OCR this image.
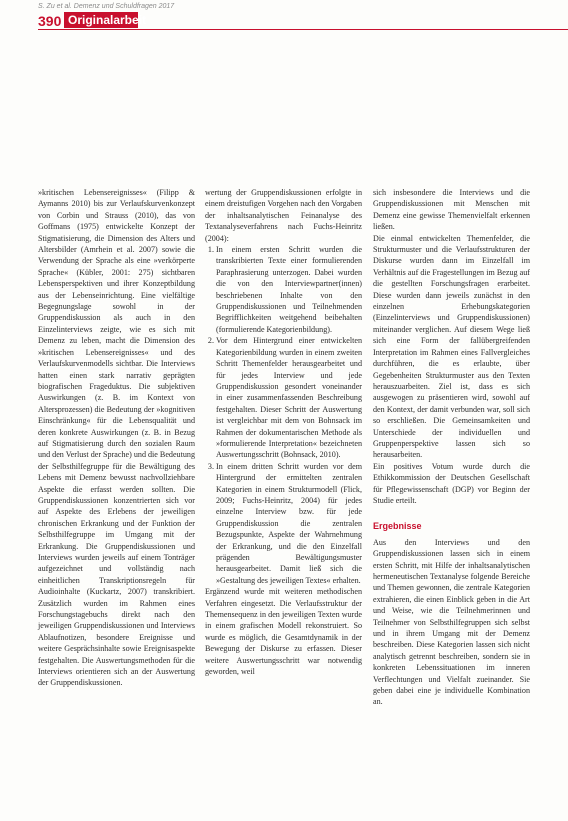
S. Zu et al. Demenz und Schuldfragen 2017
390 Originalarbeit

»kritischen Lebensereignisses« (Filipp & Aymanns 2010) bis zur Verlaufskurvenkonzept von Corbin und Strauss (2010), das von Goffmans (1975) entwickelte Konzept der Stigmatisierung, die Dimension des Alters und Altersbilder (Amrhein et al. 2007) sowie die Verwendung der Sprache als eine »verkörperte Sprache« (Kübler, 2001: 275) sichtbaren Lebensperspektiven und ihrer Konzeptbildung aus der Lebenseinrichtung. Eine vielfältige Begegnungslage sowohl in der Gruppendiskussion als auch in den Einzelinterviews zeigte, wie es sich mit Demenz zu leben, macht die Dimension des »kritischen Lebensereignisses« und des Verlaufskurvenmodells sichtbar. Die Interviews hatten einen stark narrativ geprägten biografischen Frageduktus. Die subjektiven Auswirkungen (z. B. im Kontext von Altersprozessen) die Bedeutung der »kognitiven Einschränkung« für die Lebensqualität und deren konkrete Auswirkungen (z. B. in Bezug auf Stigmatisierung durch den sozialen Raum und den Verlust der Sprache) und die Bedeutung der Selbsthilfegruppe für die Bewältigung des Lebens mit Demenz bewusst nachvollziehbare Aspekte die erfasst werden sollten. Die Gruppendiskussionen konzentrierten sich vor auf Aspekte des Erlebens der jeweiligen chronischen Erkrankung und der Funktion der Selbsthilfegruppe im Umgang mit der Erkrankung. Die Gruppendiskussionen und Interviews wurden jeweils auf einem Tonträger aufgezeichnet und vollständig nach einheitlichen Transkriptionsregeln für Audioinhalte (Kuckartz, 2007) transkribiert. Zusätzlich wurden im Rahmen eines Forschungstagebuchs direkt nach den jeweiligen Gruppendiskussionen und Interviews Ablaufnotizen, besondere Ereignisse und weitere Gesprächsinhalte sowie Ereignisaspekte festgehalten. Die Auswertungsmethoden für die Interviews orientieren sich an der Auswertung der Gruppendiskussionen.

wertung der Gruppendiskussionen erfolgte in einem dreistufigen Vorgehen nach den Vorgaben der inhaltsanalytischen Feinanalyse des Textanalyseverfahrens nach Fuchs-Heinritz (2004):

1. In einem ersten Schritt wurden die transkribierten Texte einer formulierenden Paraphrasierung unterzogen. Dabei wurden die von den Interviewpartner(innen) beschriebenen Inhalte von den Gruppendiskussionen und Teilnehmenden Begrifflichkeiten weitgehend beibehalten (formulierende Kategorienbildung).
2. Vor dem Hintergrund einer entwickelten Kategorienbildung wurden in einem zweiten Schritt Themenfelder herausgearbeitet und für jedes Interview und jede Gruppendiskussion gesondert voneinander in einer zusammenfassenden Beschreibung festgehalten. Dieser Schritt der Auswertung ist vergleichbar mit dem von Bohnsack im Rahmen der dokumentarischen Methode als »formulierende Interpretation« bezeichneten Auswertungsschritt (Bohnsack, 2010).
3. In einem dritten Schritt wurden vor dem Hintergrund der ermittelten zentralen Kategorien in einem Strukturmodell (Flick, 2009; Fuchs-Heinritz, 2004) für jedes einzelne Interview bzw. für jede Gruppendiskussion die zentralen Bezugspunkte, Aspekte der Wahrnehmung der Erkrankung, und die den Einzelfall prägenden Bewältigungsmuster herausgearbeitet. Damit ließ sich die »Gestaltung des jeweiligen Textes« erhalten.

Ergänzend wurde mit weiteren methodischen Verfahren eingesetzt. Die Verlaufsstruktur der Themensequenz in den jeweiligen Texten wurde in einem grafischen Modell rekonstruiert. So wurde es möglich, die Gesamtdynamik in der Bewegung der Diskurse zu erfassen. Dieser weitere Auswertungsschritt war notwendig geworden, weil

sich insbesondere die Interviews und die Gruppendiskussionen mit Menschen mit Demenz eine gewisse Themenvielfalt erkennen ließen.

Die einmal entwickelten Themenfelder, die Strukturmuster und die Verlaufsstrukturen der Diskurse wurden dann im Einzelfall im Verhältnis auf die Fragestellungen im Bezug auf die gestellten Forschungsfragen erarbeitet. Diese wurden dann jeweils zunächst in den einzelnen Erhebungskategorien (Einzelinterviews und Gruppendiskussionen) miteinander verglichen. Auf diesem Wege ließ sich eine Form der fallübergreifenden Interpretation im Rahmen eines Fallvergleiches durchführen, die es erlaubte, über Gegebenheiten Strukturmuster aus den Texten herauszuarbeiten. Ziel ist, dass es sich ausgewogen zu präsentieren wird, sowohl auf den Kontext, der damit verbunden war, soll sich so erschließen. Die Gemeinsamkeiten und Unterschiede der individuellen und Gruppenperspektive lassen sich so herausarbeiten.

Ein positives Votum wurde durch die Ethikkommission der Deutschen Gesellschaft für Pflegewissenschaft (DGP) vor Beginn der Studie erteilt.

Ergebnisse

Aus den Interviews und den Gruppendiskussionen lassen sich in einem ersten Schritt, mit Hilfe der inhaltsanalytischen hermeneutischen Textanalyse folgende Bereiche und Themen gewonnen, die zentrale Kategorien extrahieren, die einen Einblick geben in die Art und Weise, wie die Teilnehmerinnen und Teilnehmer von Selbsthilfegruppen sich selbst und in ihrem Umgang mit der Demenz beschreiben. Diese Kategorien lassen sich nicht analytisch getrennt beschreiben, sondern sie in konkreten Lebenssituationen im inneren Verflechtungen und Vielfalt zueinander. Sie geben dabei eine je individuelle Kombination an.
